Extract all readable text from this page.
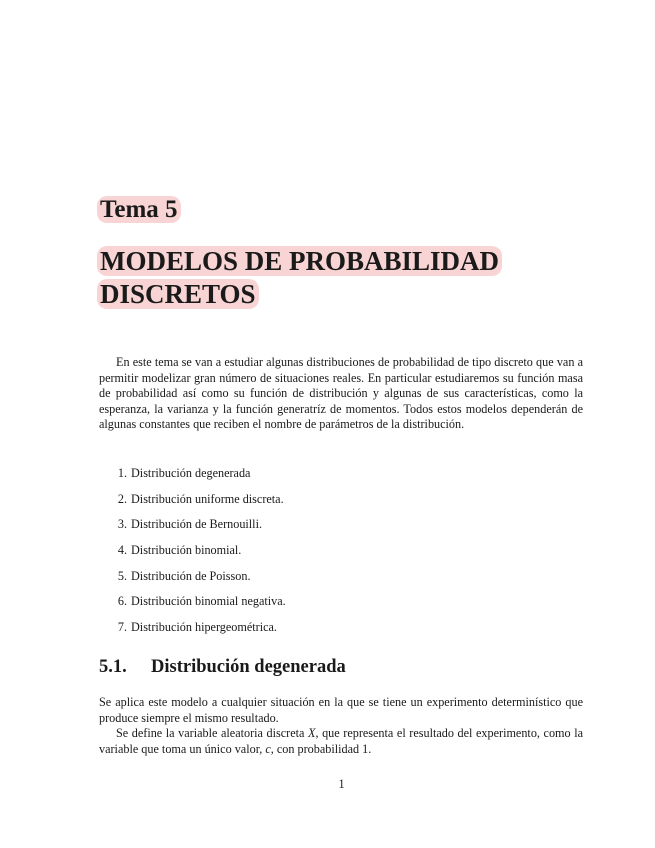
Tema 5
MODELOS DE PROBABILIDAD
DISCRETOS

En este tema se van a estudiar algunas distribuciones de probabilidad de tipo discreto que van a permitir modelizar gran número de situaciones reales. En particular estudiaremos su función masa de probabilidad así como su función de distribución y algunas de sus características, como la esperanza, la varianza y la función generatríz de momentos. Todos estos modelos dependerán de algunas constantes que reciben el nombre de parámetros de la distribución.

1. Distribución degenerada
2. Distribución uniforme discreta.
3. Distribución de Bernouilli.
4. Distribución binomial.
5. Distribución de Poisson.
6. Distribución binomial negativa.
7. Distribución hipergeométrica.
5.1. Distribución degenerada

Se aplica este modelo a cualquier situación en la que se tiene un experimento determinístico que produce siempre el mismo resultado.

Se define la variable aleatoria discreta X, que representa el resultado del experimento, como la variable que toma un único valor, c, con probabilidad 1.

1
